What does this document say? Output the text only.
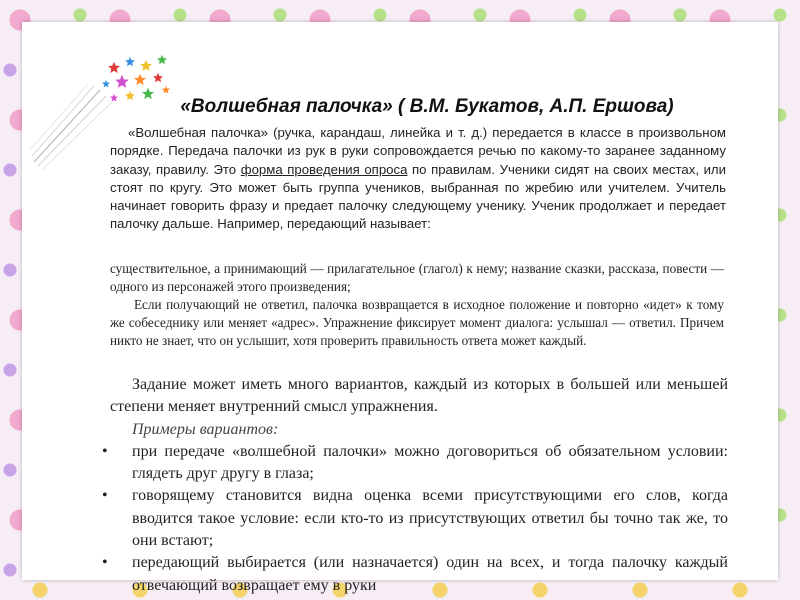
«Волшебная палочка» ( В.М. Букатов, А.П. Ершова)

«Волшебная палочка» (ручка, карандаш, линейка и т. д.) передается в классе в произвольном порядке. Передача палочки из рук в руки сопровождается речью по какому-то заранее заданному заказу, правилу. Это форма проведения опроса по правилам. Ученики сидят на своих местах, или стоят по кругу. Это может быть группа учеников, выбранная по жребию или учителем. Учитель начинает говорить фразу и предает палочку следующему ученику. Ученик продолжает и передает палочку дальше. Например, передающий называет:

существительное, а принимающий — прилагательное (глагол) к нему; название сказки, рассказа, повести — одного из персонажей этого произведения;

Если получающий не ответил, палочка возвращается в исходное положение и повторно «идет» к тому же собеседнику или меняет «адрес». Упражнение фиксирует момент диалога: услышал — ответил. Причем никто не знает, что он услышит, хотя проверить правильность ответа может каждый.

Задание может иметь много вариантов, каждый из которых в большей или меньшей степени меняет внутренний смысл упражнения.

Примеры вариантов:

• при передаче «волшебной палочки» можно договориться об обязательном условии: глядеть друг другу в глаза;
• говорящему становится видна оценка всеми присутствующими его слов, когда вводится такое условие: если кто-то из присутствующих ответил бы точно так же, то они встают;
• передающий выбирается (или назначается) один на всех, и тогда палочку каждый отвечающий возвращает ему в руки
